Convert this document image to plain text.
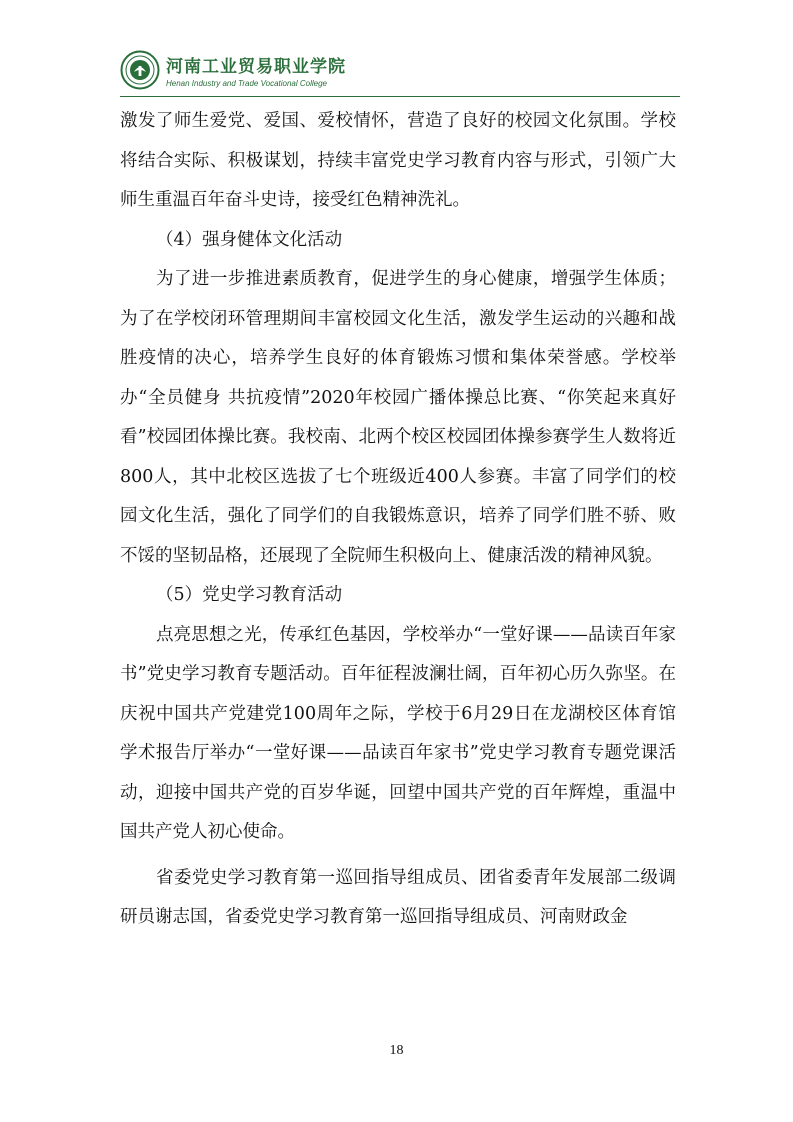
河南工业贸易职业学院
Henan Industry and Trade Vocational College

激发了师生爱党、爱国、爱校情怀，营造了良好的校园文化氛围。学校将结合实际、积极谋划，持续丰富党史学习教育内容与形式，引领广大师生重温百年奋斗史诗，接受红色精神洗礼。

（4）强身健体文化活动

为了进一步推进素质教育，促进学生的身心健康，增强学生体质；为了在学校闭环管理期间丰富校园文化生活，激发学生运动的兴趣和战胜疫情的决心，培养学生良好的体育锻炼习惯和集体荣誉感。学校举办“全员健身 共抗疫情”2020年校园广播体操总比赛、“你笑起来真好看”校园团体操比赛。我校南、北两个校区校园团体操参赛学生人数将近800人，其中北校区选拔了七个班级近400人参赛。丰富了同学们的校园文化生活，强化了同学们的自我锻炼意识，培养了同学们胜不骄、败不馁的坚韧品格，还展现了全院师生积极向上、健康活泼的精神风貌。

（5）党史学习教育活动

点亮思想之光，传承红色基因，学校举办“一堂好课——品读百年家书”党史学习教育专题活动。百年征程波澜壮阔，百年初心历久弥坚。在庆祝中国共产党建党100周年之际，学校于6月29日在龙湖校区体育馆学术报告厅举办“一堂好课——品读百年家书”党史学习教育专题党课活动，迎接中国共产党的百岁华诞，回望中国共产党的百年辉煌，重温中国共产党人初心使命。

省委党史学习教育第一巡回指导组成员、团省委青年发展部二级调研员谢志国，省委党史学习教育第一巡回指导组成员、河南财政金

18
